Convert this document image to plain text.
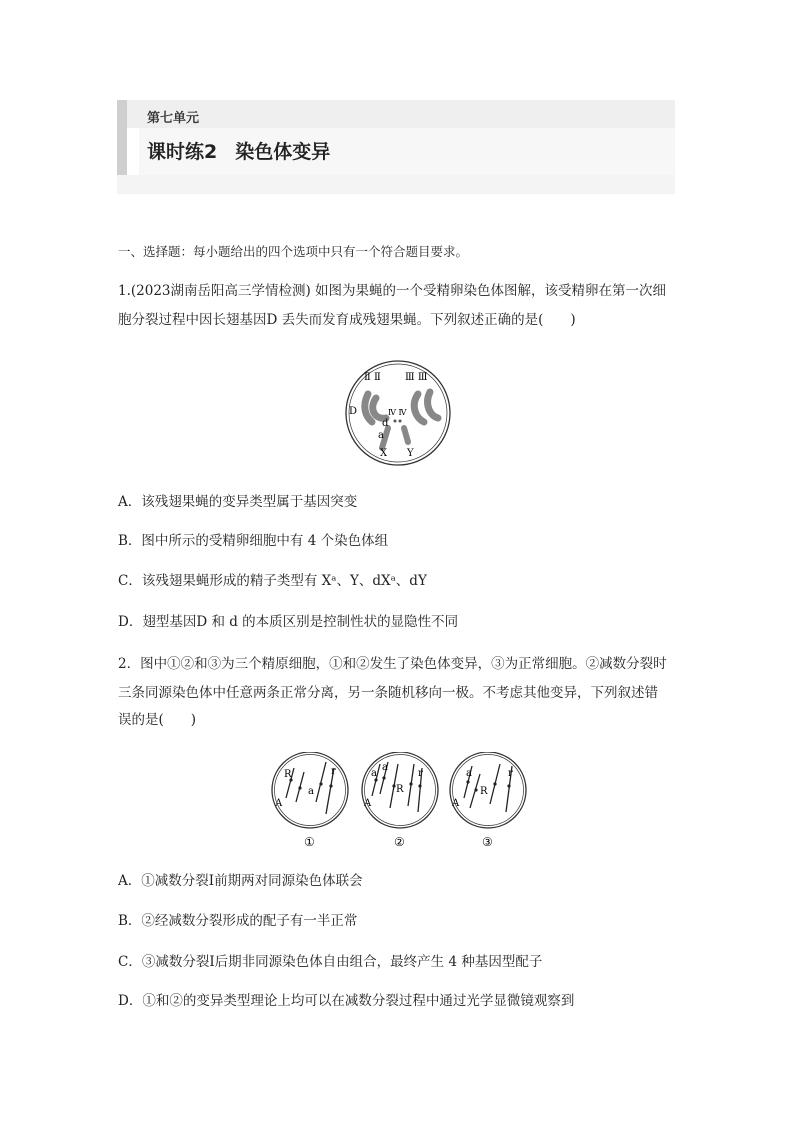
第七单元
课时练2 染色体变异
一、选择题：每小题给出的四个选项中只有一个符合题目要求。
1.(2023湖南岳阳高三学情检测) 如图为果蝇的一个受精卵染色体图解，该受精卵在第一次细
胞分裂过程中因长翅基因D 丢失而发育成残翅果蝇。下列叙述正确的是(　　)
Ⅱ Ⅱ Ⅲ Ⅲ
D	Ⅳ Ⅳ
d
a
X Y
A．该残翅果蝇的变异类型属于基因突变
B．图中所示的受精卵细胞中有 4 个染色体组
C．该残翅果蝇形成的精子类型有 Xᵃ、Y、dXᵃ、dY
D．翅型基因D 和 d 的本质区别是控制性状的显隐性不同
2．图中①②和③为三个精原细胞，①和②发生了染色体变异，③为正常细胞。②减数分裂时
三条同源染色体中任意两条正常分离，另一条随机移向一极。不考虑其他变异，下列叙述错
误的是(　　)
R
A
a
r
①
a
a
A
R
r
②
a
A
R
r
③
A．①减数分裂Ⅰ前期两对同源染色体联会
B．②经减数分裂形成的配子有一半正常
C．③减数分裂Ⅰ后期非同源染色体自由组合，最终产生 4 种基因型配子
D．①和②的变异类型理论上均可以在减数分裂过程中通过光学显微镜观察到
